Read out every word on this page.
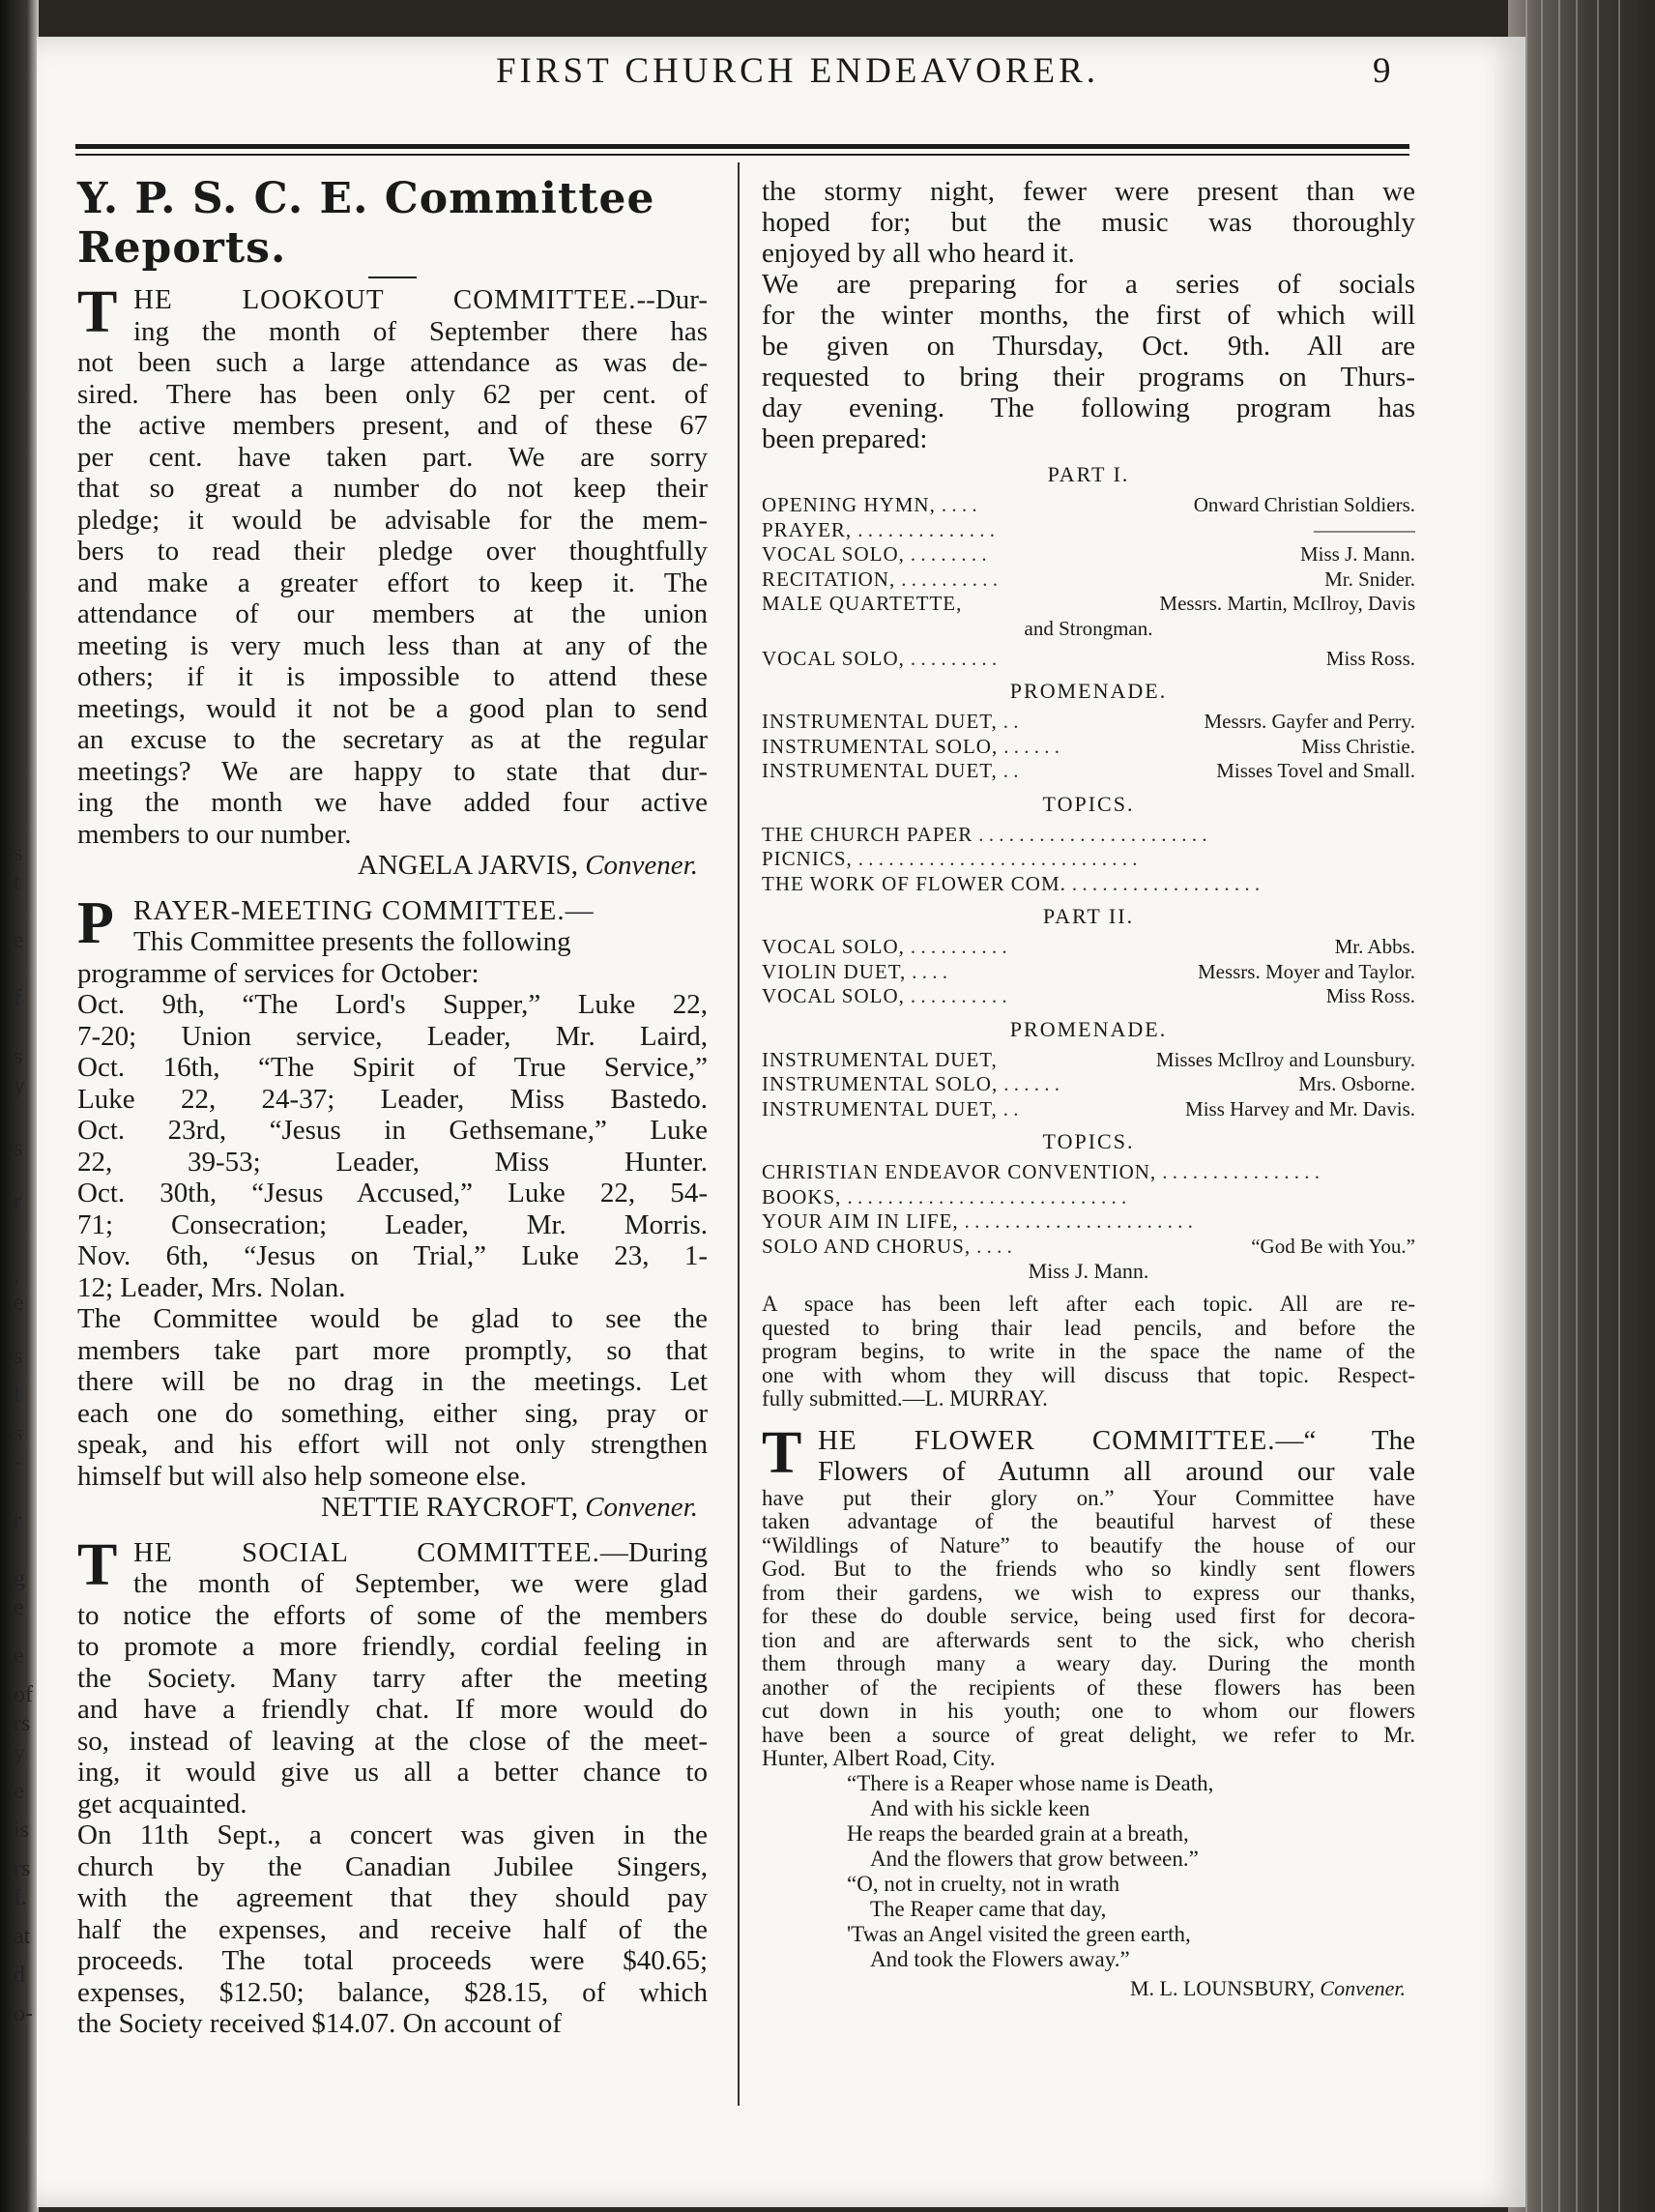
s
t
e
f
s
y
s
r
,
e
s
l
s
-
r
g
e
e
of
rs
y
e
is
rs
I.
at
d
o-
FIRST CHURCH ENDEAVORER.	9
Y. P. S. C. E. Committee Reports.

THE LOOKOUT COMMITTEE.--Dur-

ing the month of September there has

not been such a large attendance as was de-

sired. There has been only 62 per cent. of

the active members present, and of these 67

per cent. have taken part. We are sorry

that so great a number do not keep their

pledge; it would be advisable for the mem-

bers to read their pledge over thoughtfully

and make a greater effort to keep it. The

attendance of our members at the union

meeting is very much less than at any of the

others; if it is impossible to attend these

meetings, would it not be a good plan to send

an excuse to the secretary as at the regular

meetings? We are happy to state that dur-

ing the month we have added four active

members to our number.

ANGELA JARVIS, Convener.

PRAYER-MEETING COMMITTEE.—

This Committee presents the following

programme of services for October:

Oct. 9th, “The Lord's Supper,” Luke 22,

7-20; Union service, Leader, Mr. Laird,

Oct. 16th, “The Spirit of True Service,”

Luke 22, 24-37; Leader, Miss Bastedo.

Oct. 23rd, “Jesus in Gethsemane,” Luke

22, 39-53; Leader, Miss Hunter.

Oct. 30th, “Jesus Accused,” Luke 22, 54-

71; Consecration; Leader, Mr. Morris.

Nov. 6th, “Jesus on Trial,” Luke 23, 1-

12; Leader, Mrs. Nolan.

The Committee would be glad to see the

members take part more promptly, so that

there will be no drag in the meetings. Let

each one do something, either sing, pray or

speak, and his effort will not only strengthen

himself but will also help someone else.

NETTIE RAYCROFT, Convener.

THE SOCIAL COMMITTEE.—During

the month of September, we were glad

to notice the efforts of some of the members

to promote a more friendly, cordial feeling in

the Society. Many tarry after the meeting

and have a friendly chat. If more would do

so, instead of leaving at the close of the meet-

ing, it would give us all a better chance to

get acquainted.

On 11th Sept., a concert was given in the

church by the Canadian Jubilee Singers,

with the agreement that they should pay

half the expenses, and receive half of the

proceeds. The total proceeds were $40.65;

expenses, $12.50; balance, $28.15, of which

the Society received $14.07. On account of

the stormy night, fewer were present than we

hoped for; but the music was thoroughly

enjoyed by all who heard it.

We are preparing for a series of socials

for the winter months, the first of which will

be given on Thursday, Oct. 9th. All are

requested to bring their programs on Thurs-

day evening. The following program has

been prepared:

PART I.
OPENING HYMN, . . . .	Onward Christian Soldiers.
PRAYER, . . . . . . . . . . . . . .	—————
VOCAL SOLO, . . . . . . . .	Miss J. Mann.
RECITATION, . . . . . . . . . .	Mr. Snider.
MALE QUARTETTE,	Messrs. Martin, McIlroy, Davis
and Strongman.
VOCAL SOLO, . . . . . . . . .	Miss Ross.
PROMENADE.
INSTRUMENTAL DUET, . .	Messrs. Gayfer and Perry.
INSTRUMENTAL SOLO, . . . . . .	Miss Christie.
INSTRUMENTAL DUET, . .	Misses Tovel and Small.
TOPICS.
THE CHURCH PAPER . . . . . . . . . . . . . . . . . . . . . . .
PICNICS, . . . . . . . . . . . . . . . . . . . . . . . . . . . .
THE WORK OF FLOWER COM. . . . . . . . . . . . . . . . . . . .
PART II.
VOCAL SOLO, . . . . . . . . . .	Mr. Abbs.
VIOLIN DUET, . . . .	Messrs. Moyer and Taylor.
VOCAL SOLO, . . . . . . . . . .	Miss Ross.
PROMENADE.
INSTRUMENTAL DUET,	Misses McIlroy and Lounsbury.
INSTRUMENTAL SOLO, . . . . . .	Mrs. Osborne.
INSTRUMENTAL DUET, . .	Miss Harvey and Mr. Davis.
TOPICS.
CHRISTIAN ENDEAVOR CONVENTION, . . . . . . . . . . . . . . . .
BOOKS, . . . . . . . . . . . . . . . . . . . . . . . . . . . .
YOUR AIM IN LIFE, . . . . . . . . . . . . . . . . . . . . . . .
SOLO AND CHORUS, . . . .	“God Be with You.”
Miss J. Mann.

A space has been left after each topic. All are re-

quested to bring thair lead pencils, and before the

program begins, to write in the space the name of the

one with whom they will discuss that topic. Respect-

fully submitted.—L. MURRAY.

THE FLOWER COMMITTEE.—“ The

Flowers of Autumn all around our vale

have put their glory on.” Your Committee have

taken advantage of the beautiful harvest of these

“Wildlings of Nature” to beautify the house of our

God. But to the friends who so kindly sent flowers

from their gardens, we wish to express our thanks,

for these do double service, being used first for decora-

tion and are afterwards sent to the sick, who cherish

them through many a weary day. During the month

another of the recipients of these flowers has been

cut down in his youth; one to whom our flowers

have been a source of great delight, we refer to Mr.

Hunter, Albert Road, City.

“There is a Reaper whose name is Death,
And with his sickle keen
He reaps the bearded grain at a breath,
And the flowers that grow between.”
“O, not in cruelty, not in wrath
The Reaper came that day,
'Twas an Angel visited the green earth,
And took the Flowers away.”
M. L. LOUNSBURY, Convener.
